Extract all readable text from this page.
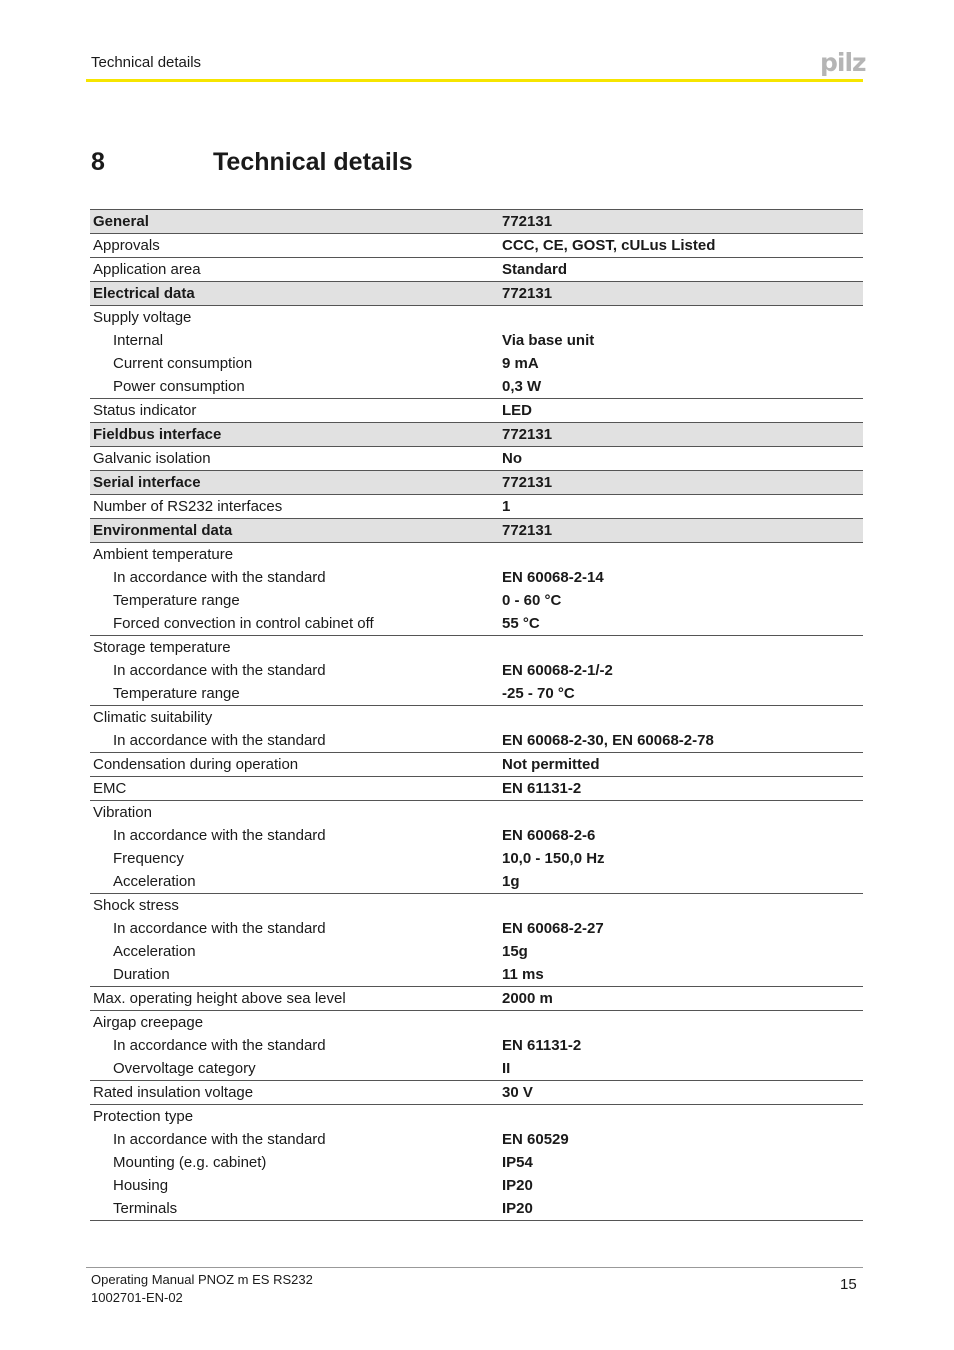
Technical details	pilz
8	Technical details
General	772131
Approvals	CCC, CE, GOST, cULus Listed
Application area	Standard
Electrical data	772131
Supply voltage	
Internal	Via base unit
Current consumption	9 mA
Power consumption	0,3 W
Status indicator	LED
Fieldbus interface	772131
Galvanic isolation	No
Serial interface	772131
Number of RS232 interfaces	1
Environmental data	772131
Ambient temperature	
In accordance with the standard	EN 60068-2-14
Temperature range	0 - 60 °C
Forced convection in control cabinet off	55 °C
Storage temperature	
In accordance with the standard	EN 60068-2-1/-2
Temperature range	-25 - 70 °C
Climatic suitability	
In accordance with the standard	EN 60068-2-30, EN 60068-2-78
Condensation during operation	Not permitted
EMC	EN 61131-2
Vibration	
In accordance with the standard	EN 60068-2-6
Frequency	10,0 - 150,0 Hz
Acceleration	1g
Shock stress	
In accordance with the standard	EN 60068-2-27
Acceleration	15g
Duration	11 ms
Max. operating height above sea level	2000 m
Airgap creepage	
In accordance with the standard	EN 61131-2
Overvoltage category	II
Rated insulation voltage	30 V
Protection type	
In accordance with the standard	EN 60529
Mounting (e.g. cabinet)	IP54
Housing	IP20
Terminals	IP20
Operating Manual PNOZ m ES RS232
1002701-EN-02
15
